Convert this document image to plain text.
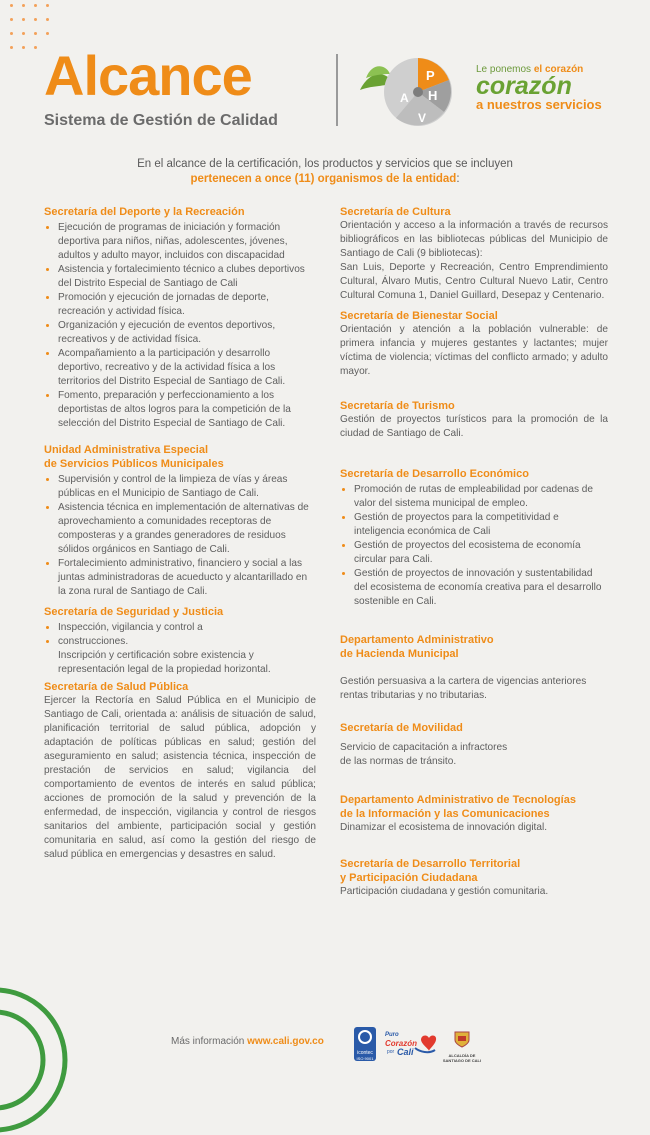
Alcance
Sistema de Gestión de Calidad
P
H
V
A
Le ponemos el corazón
corazón
a nuestros servicios
En el alcance de la certificación, los productos y servicios que se incluyen
pertenecen a once (11) organismos de la entidad:
Secretaría del Deporte y la Recreación
• Ejecución de programas de iniciación y formación deportiva para niños, niñas, adolescentes, jóvenes, adultos y adulto mayor, incluidos con discapacidad
• Asistencia y fortalecimiento técnico a clubes deportivos del Distrito Especial de Santiago de Cali
• Promoción y ejecución de jornadas de deporte, recreación y actividad física.
• Organización y ejecución de eventos deportivos, recreativos y de actividad física.
• Acompañamiento a la participación y desarrollo deportivo, recreativo y de la actividad física a los territorios del Distrito Especial de Santiago de Cali.
• Fomento, preparación y perfeccionamiento a los deportistas de altos logros para la competición de la selección del Distrito Especial de Santiago de Cali.
Unidad Administrativa Especial
de Servicios Públicos Municipales
• Supervisión y control de la limpieza de vías y áreas públicas en el Municipio de Santiago de Cali.
• Asistencia técnica en implementación de alternativas de aprovechamiento a comunidades receptoras de composteras y a grandes generadores de residuos sólidos orgánicos en Santiago de Cali.
• Fortalecimiento administrativo, financiero y social a las juntas administradoras de acueducto y alcantarillado en la zona rural de Santiago de Cali.
Secretaría de Seguridad y Justicia
• Inspección, vigilancia y control a
• construcciones.

Inscripción y certificación sobre existencia y representación legal de la propiedad horizontal.

Secretaría de Salud Pública

Ejercer la Rectoría en Salud Pública en el Municipio de Santiago de Cali, orientada a: análisis de situación de salud, planificación territorial de salud pública, adopción y adaptación de políticas públicas en salud; gestión del aseguramiento en salud; asistencia técnica, inspección de prestación de servicios en salud; vigilancia del comportamiento de eventos de interés en salud pública; acciones de promoción de la salud y prevención de la enfermedad, de inspección, vigilancia y control de riesgos sanitarios del ambiente, participación social y gestión comunitaria en salud, así como la gestión del riesgo de salud pública en emergencias y desastres en salud.

Secretaría de Cultura

Orientación y acceso a la información a través de recursos bibliográficos en las bibliotecas públicas del Municipio de Santiago de Cali (9 bibliotecas):

San Luis, Deporte y Recreación, Centro Emprendimiento Cultural, Álvaro Mutis, Centro Cultural Nuevo Latir, Centro Cultural Comuna 1, Daniel Guillard, Desepaz y Centenario.

Secretaría de Bienestar Social

Orientación y atención a la población vulnerable: de primera infancia y mujeres gestantes y lactantes; mujer víctima de violencia; víctimas del conflicto armado; y adulto mayor.

Secretaría de Turismo

Gestión de proyectos turísticos para la promoción de la ciudad de Santiago de Cali.

Secretaría de Desarrollo Económico
• Promoción de rutas de empleabilidad por cadenas de valor del sistema municipal de empleo.
• Gestión de proyectos para la competitividad e inteligencia económica de Cali
• Gestión de proyectos del ecosistema de economía circular para Cali.
• Gestión de proyectos de innovación y sustentabilidad del ecosistema de economía creativa para el desarrollo sostenible en Cali.
Departamento Administrativo
de Hacienda Municipal

Gestión persuasiva a la cartera de vigencias anteriores rentas tributarias y no tributarias.

Secretaría de Movilidad

Servicio de capacitación a infractores

de las normas de tránsito.

Departamento Administrativo de Tecnologías
de la Información y las Comunicaciones

Dinamizar el ecosistema de innovación digital.

Secretaría de Desarrollo Territorial
y Participación Ciudadana

Participación ciudadana y gestión comunitaria.

Más información www.cali.gov.co
icontec
ISO 9001
Puro
Corazón
por Cali	ALCALDÍA DE
SANTIAGO DE CALI
